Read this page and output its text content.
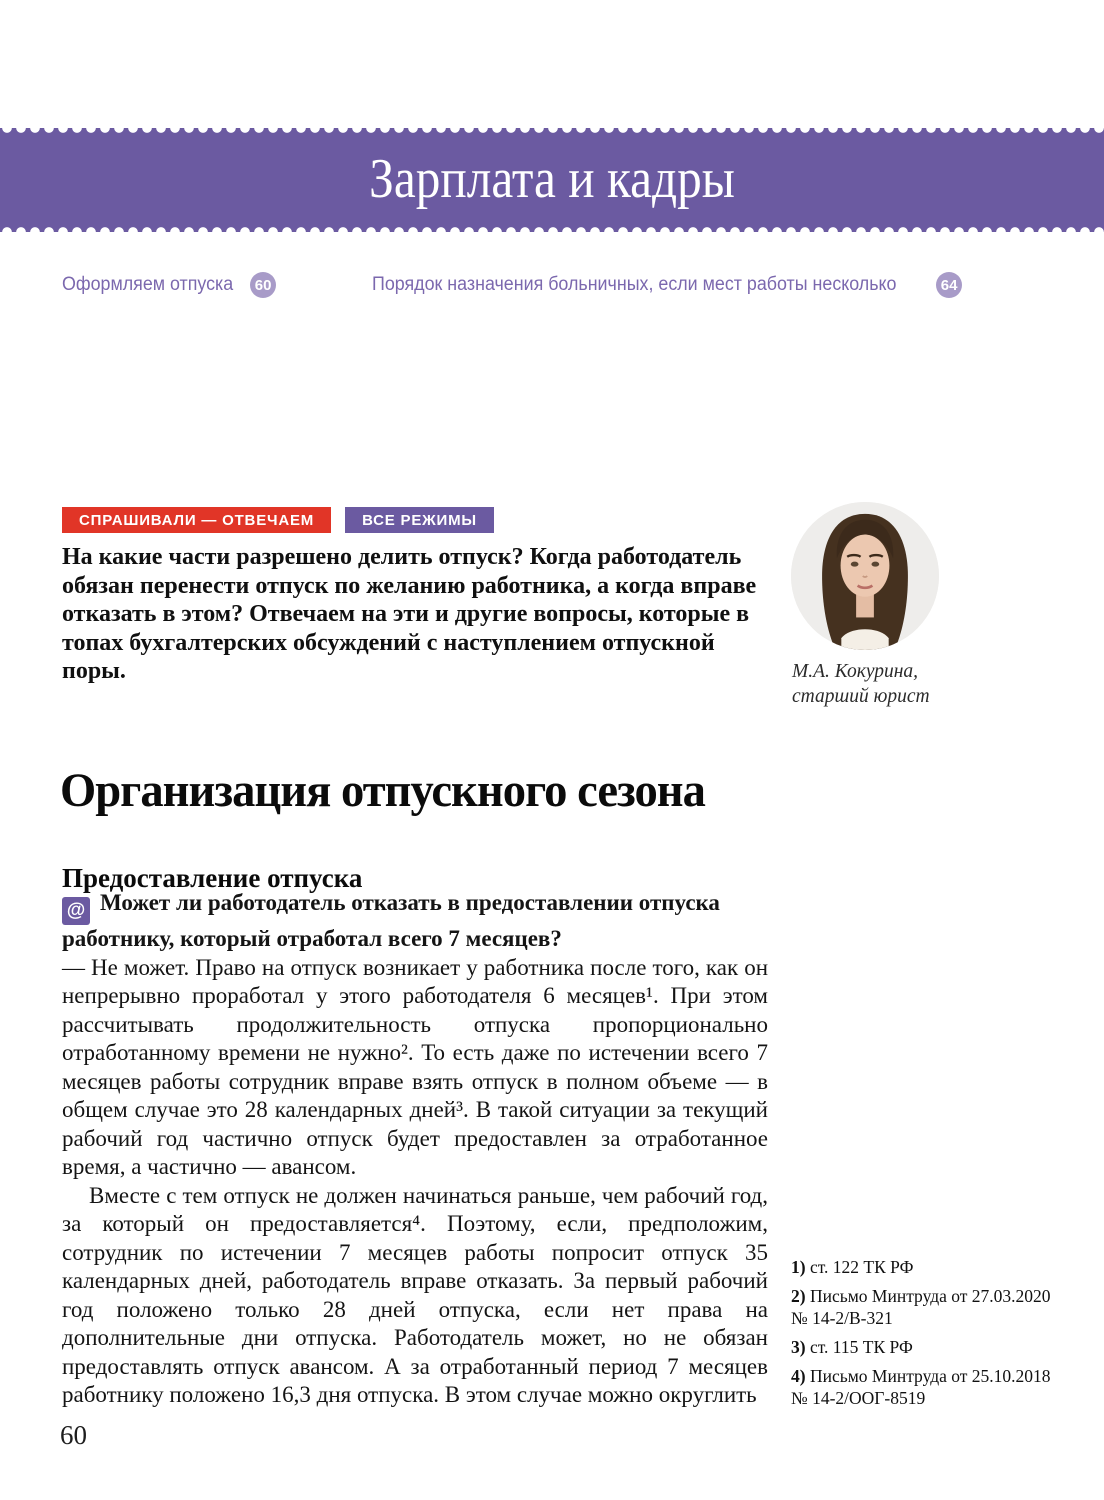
Зарплата и кадры
Оформляем отпуска	60	Порядок назначения больничных, если мест работы несколько	64
СПРАШИВАЛИ — ОТВЕЧАЕМ	ВСЕ РЕЖИМЫ
На какие части разрешено делить отпуск? Когда работодатель обязан перенести отпуск по желанию работника, а когда вправе отказать в этом? Отвечаем на эти и другие вопросы, которые в топах бухгалтерских обсуждений с наступлением отпускной поры.	М.А. Кокурина,
старший юрист
Организация отпускного сезона
Предоставление отпуска

@ Может ли работодатель отказать в предоставлении отпуска работнику, который отработал всего 7 месяцев?

— Не может. Право на отпуск возникает у работника после того, как он непрерывно проработал у этого работодателя 6 месяцев¹. При этом рассчитывать продолжительность отпуска пропорционально отработанному времени не нужно². То есть даже по истечении всего 7 месяцев работы сотрудник вправе взять отпуск в полном объеме — в общем случае это 28 календарных дней³. В такой ситуации за текущий рабочий год частично отпуск будет предоставлен за отработанное время, а частично — авансом.

Вместе с тем отпуск не должен начинаться раньше, чем рабочий год, за который он предоставляется⁴. Поэтому, если, предположим, сотрудник по истечении 7 месяцев работы попросит отпуск 35 календарных дней, работодатель вправе отказать. За первый рабочий год положено только 28 дней отпуска, если нет права на дополнительные дни отпуска. Работодатель может, но не обязан предоставлять отпуск авансом. А за отработанный период 7 месяцев работнику положено 16,3 дня отпуска. В этом случае можно округлить

1) ст. 122 ТК РФ
2) Письмо Минтруда от 27.03.2020 № 14-2/В-321
3) ст. 115 ТК РФ
4) Письмо Минтруда от 25.10.2018 № 14-2/ООГ-8519
60
